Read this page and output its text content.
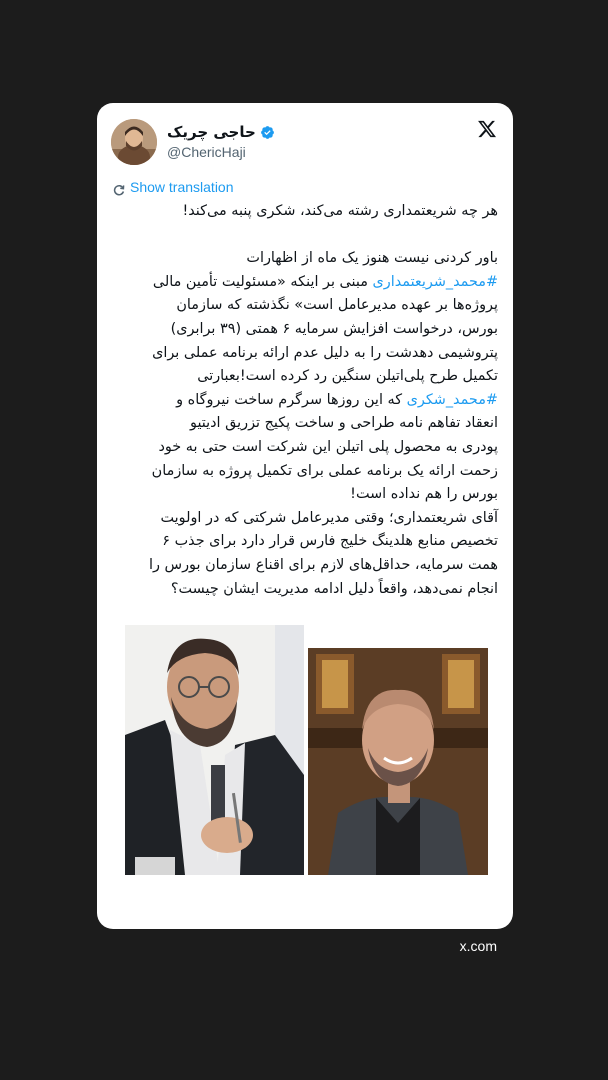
حاجی چریک
@ChericHaji
Show translation

هر چه شریعتمداری رشته می‌کند، شکری پنبه می‌کند!

باور کردنی نیست هنوز یک ماه از اظهارات

#محمد_شریعتمداری مبنی بر اینکه «مسئولیت تأمین مالی

پروژه‌ها بر عهده مدیرعامل است» نگذشته که سازمان

بورس، درخواست افزایش سرمایه ۶ همتی (۳۹ برابری)

پتروشیمی دهدشت را به دلیل عدم ارائه برنامه عملی برای

تکمیل طرح پلی‌اتیلن سنگین رد کرده است!بعبارتی

#محمد_شکری که این روزها سرگرم ساخت نیروگاه و

انعقاد تفاهم نامه طراحی و ساخت پکیج تزریق ادیتیو

پودری به محصول پلی اتیلن این شرکت است حتی به خود

زحمت ارائه یک برنامه عملی برای تکمیل پروژه به سازمان

بورس را هم نداده است!

آقای شریعتمداری؛ وقتی مدیرعامل شرکتی که در اولویت

تخصیص منابع هلدینگ خلیج فارس قرار دارد برای جذب ۶

همت سرمایه، حداقل‌های لازم برای اقناع سازمان بورس را

انجام نمی‌دهد، واقعاً دلیل ادامه مدیریت ایشان چیست؟

x.com
